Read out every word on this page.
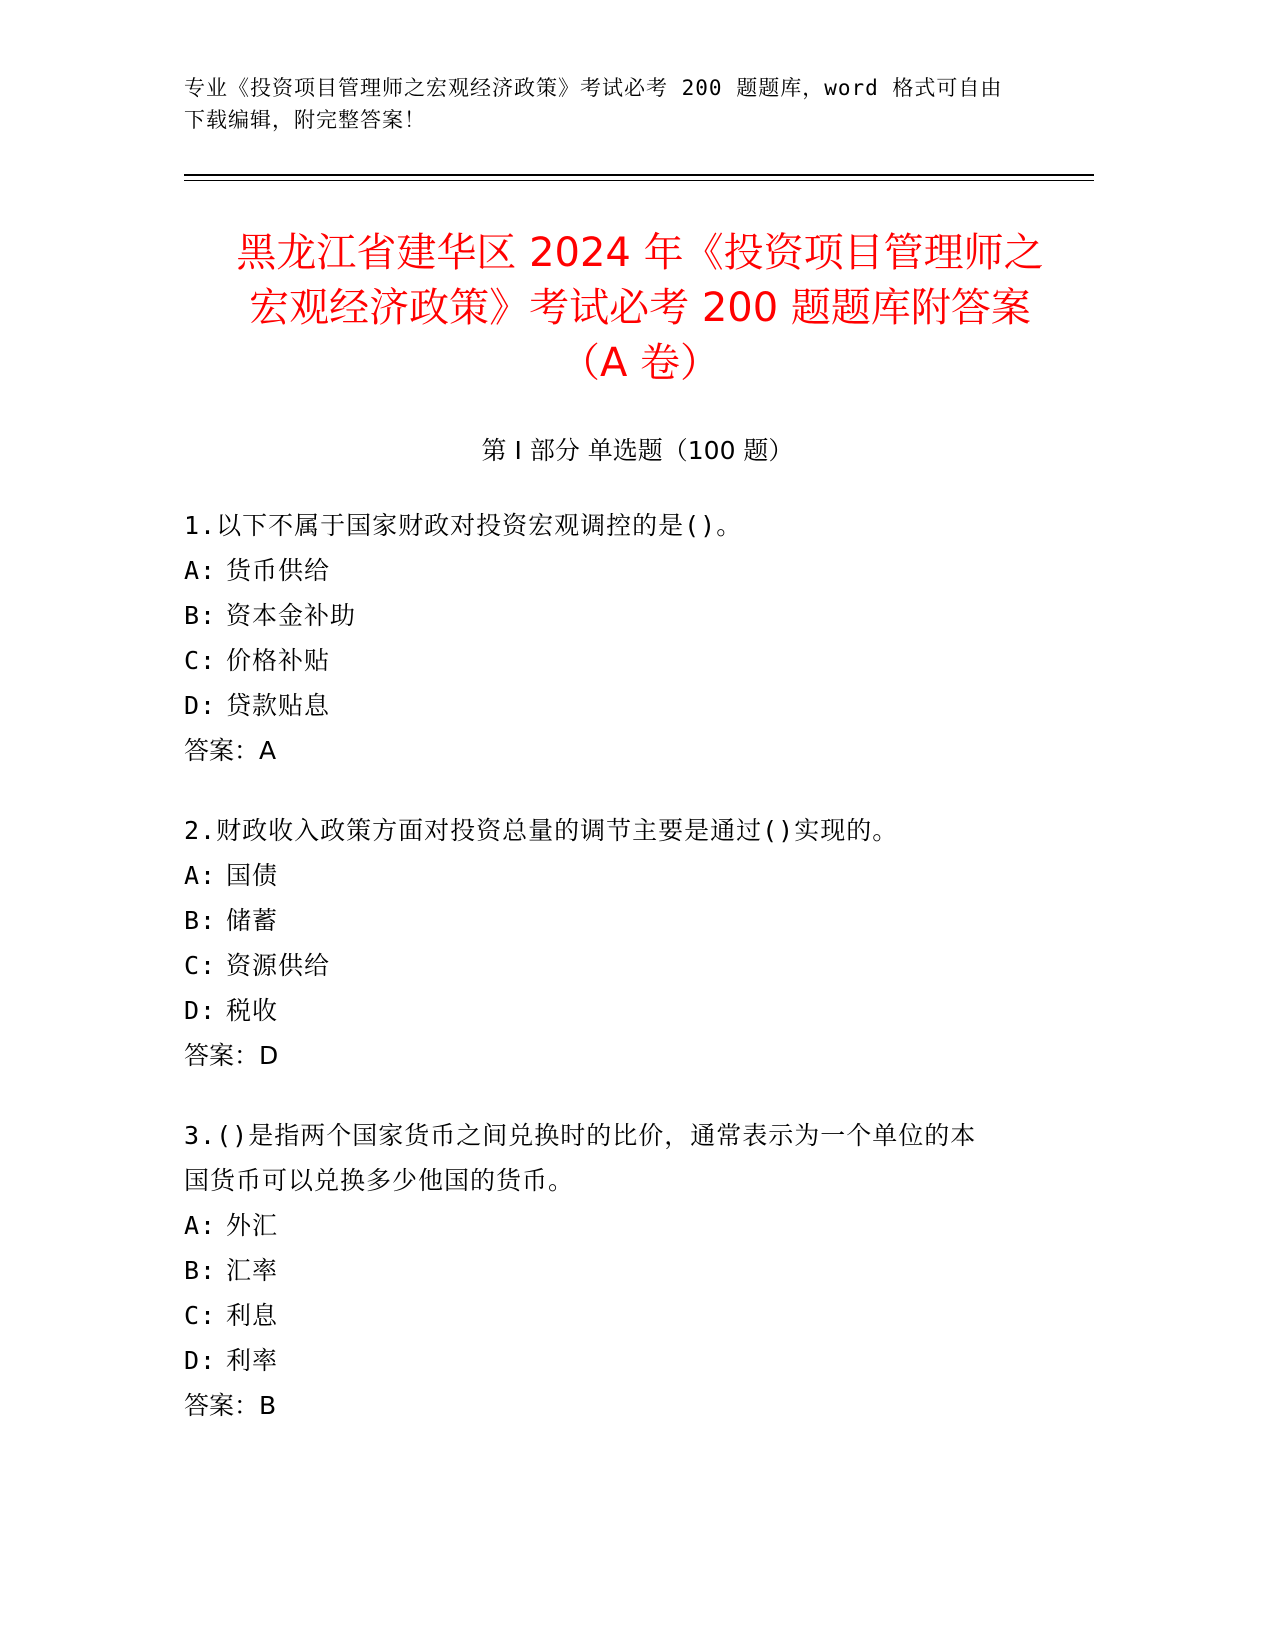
专业《投资项目管理师之宏观经济政策》考试必考 200 题题库，word 格式可自由
下载编辑，附完整答案！
黑龙江省建华区 2024 年《投资项目管理师之
宏观经济政策》考试必考 200 题题库附答案
（A 卷）
第 I 部分 单选题（100 题）
1.以下不属于国家财政对投资宏观调控的是()。
A: 货币供给
B: 资本金补助
C: 价格补贴
D: 贷款贴息
答案：A
2.财政收入政策方面对投资总量的调节主要是通过()实现的。
A: 国债
B: 储蓄
C: 资源供给
D: 税收
答案：D
3.()是指两个国家货币之间兑换时的比价，通常表示为一个单位的本
国货币可以兑换多少他国的货币。
A: 外汇
B: 汇率
C: 利息
D: 利率
答案：B
